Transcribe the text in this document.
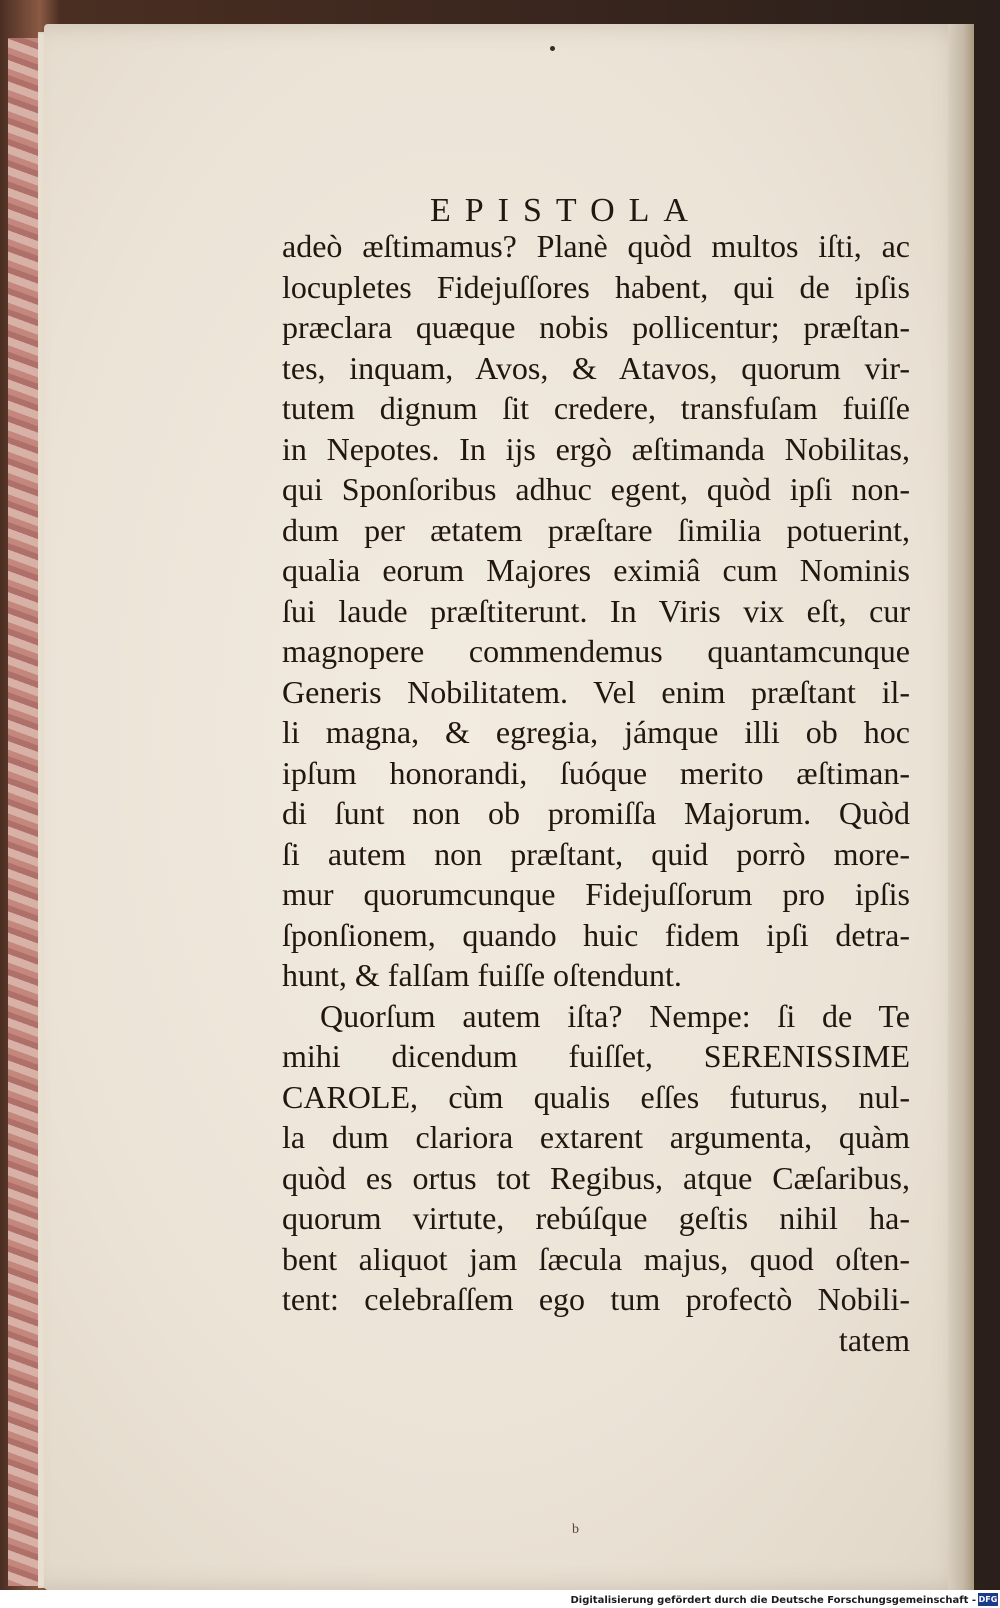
EPISTOLA
adeò æſtimamus? Planè quòd multos iſti, ac
locupletes Fidejuſſores habent, qui de ipſis
præclara quæque nobis pollicentur; præſtan-
tes, inquam, Avos, & Atavos, quorum vir-
tutem dignum ſit credere, transfuſam fuiſſe
in Nepotes. In ijs ergò æſtimanda Nobilitas,
qui Sponſoribus adhuc egent, quòd ipſi non-
dum per ætatem præſtare ſimilia potuerint,
qualia eorum Majores eximiâ cum Nominis
ſui laude præſtiterunt. In Viris vix eſt, cur
magnopere commendemus quantamcunque
Generis Nobilitatem. Vel enim præſtant il-
li magna, & egregia, jámque illi ob hoc
ipſum honorandi, ſuóque merito æſtiman-
di ſunt non ob promiſſa Majorum. Quòd
ſi autem non præſtant, quid porrò more-
mur quorumcunque Fidejuſſorum pro ipſis
ſponſionem, quando huic fidem ipſi detra-
hunt, & falſam fuiſſe oſtendunt.
Quorſum autem iſta? Nempe: ſi de Te
mihi dicendum fuiſſet, SERENISSIME
CAROLE, cùm qualis eſſes futurus, nul-
la dum clariora extarent argumenta, quàm
quòd es ortus tot Regibus, atque Cæſaribus,
quorum virtute, rebúſque geſtis nihil ha-
bent aliquot jam ſæcula majus, quod oſten-
tent: celebraſſem ego tum profectò Nobili-
tatem
b
Digitalisierung gefördert durch die Deutsche Forschungsgemeinschaft - DFG
